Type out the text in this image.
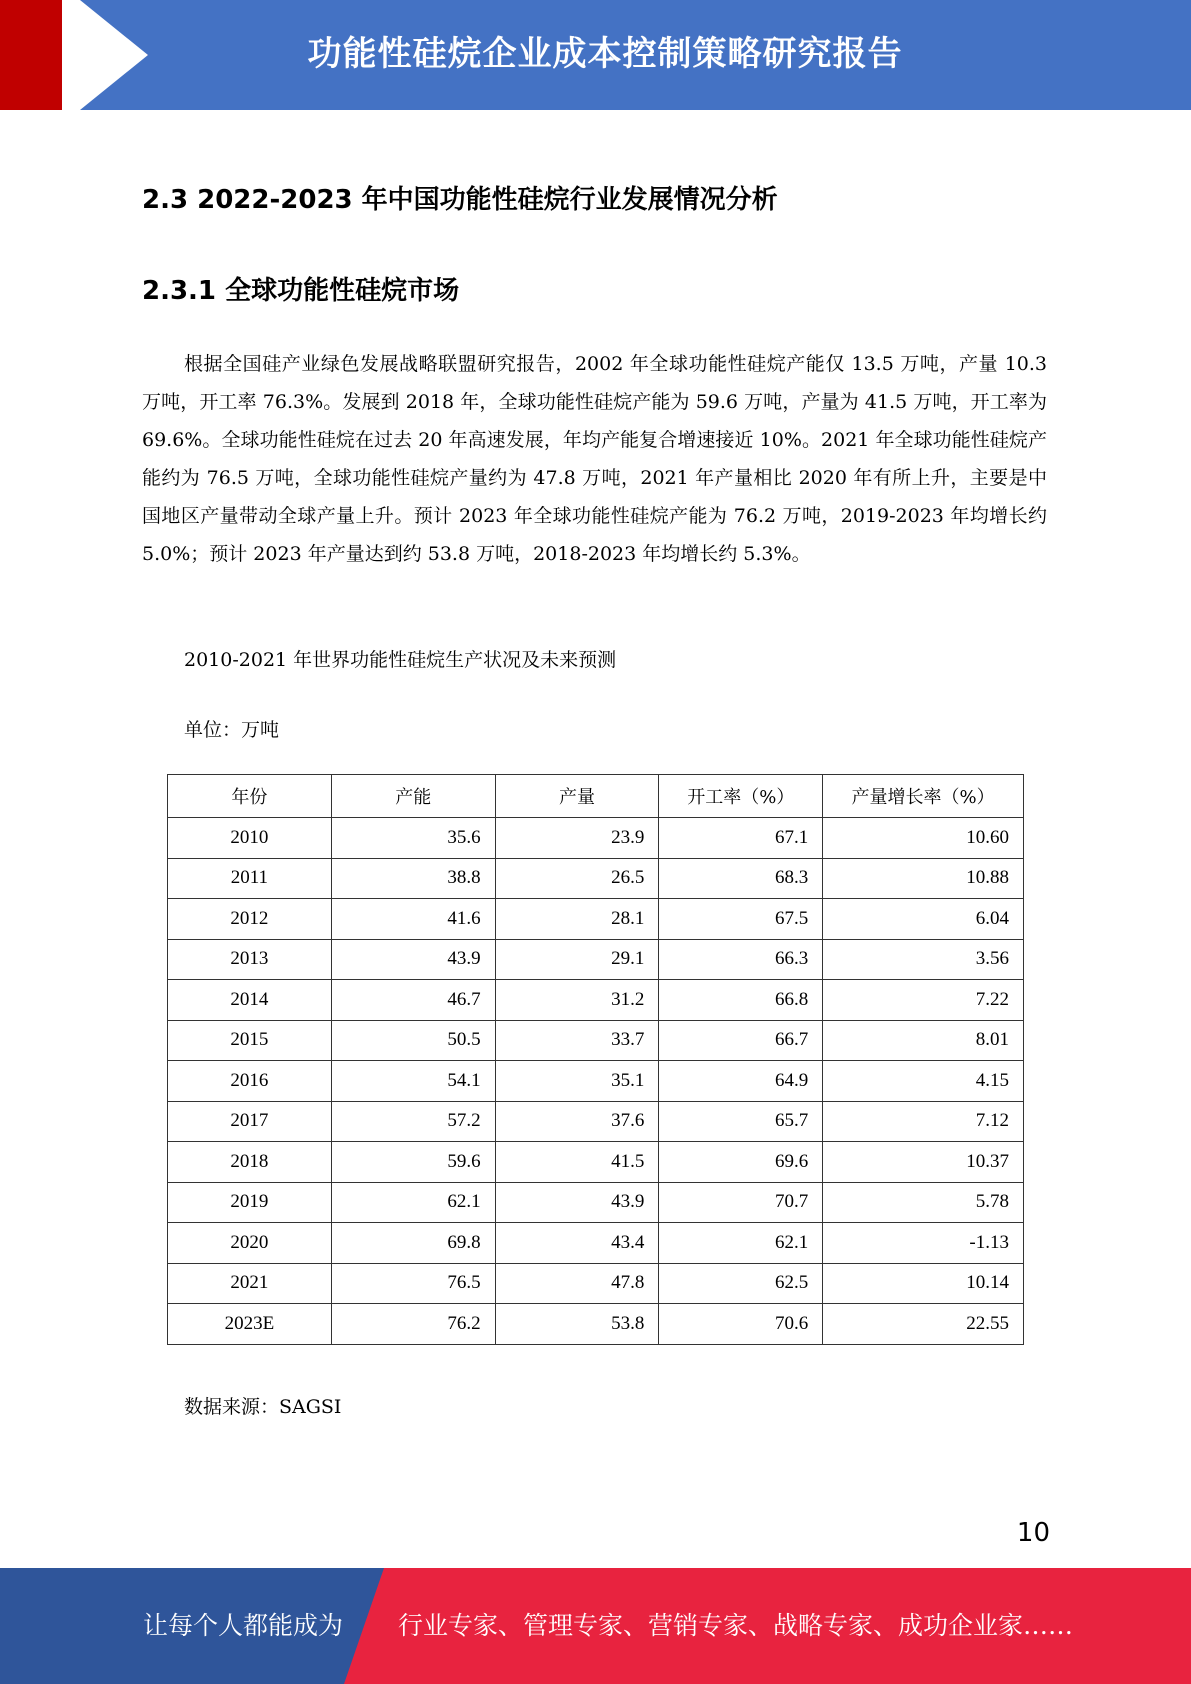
功能性硅烷企业成本控制策略研究报告
2.3 2022-2023 年中国功能性硅烷行业发展情况分析
2.3.1 全球功能性硅烷市场
根据全国硅产业绿色发展战略联盟研究报告，2002 年全球功能性硅烷产能仅 13.5 万吨，产量 10.3 万吨，开工率 76.3%。发展到 2018 年，全球功能性硅烷产能为 59.6 万吨，产量为 41.5 万吨，开工率为 69.6%。全球功能性硅烷在过去 20 年高速发展，年均产能复合增速接近 10%。2021 年全球功能性硅烷产能约为 76.5 万吨，全球功能性硅烷产量约为 47.8 万吨，2021 年产量相比 2020 年有所上升，主要是中国地区产量带动全球产量上升。预计 2023 年全球功能性硅烷产能为 76.2 万吨，2019-2023 年均增长约 5.0%；预计 2023 年产量达到约 53.8 万吨，2018-2023 年均增长约 5.3%。
2010-2021 年世界功能性硅烷生产状况及未来预测
单位：万吨
年份	产能	产量	开工率（%）	产量增长率（%）
2010	35.6	23.9	67.1	10.60
2011	38.8	26.5	68.3	10.88
2012	41.6	28.1	67.5	6.04
2013	43.9	29.1	66.3	3.56
2014	46.7	31.2	66.8	7.22
2015	50.5	33.7	66.7	8.01
2016	54.1	35.1	64.9	4.15
2017	57.2	37.6	65.7	7.12
2018	59.6	41.5	69.6	10.37
2019	62.1	43.9	70.7	5.78
2020	69.8	43.4	62.1	-1.13
2021	76.5	47.8	62.5	10.14
2023E	76.2	53.8	70.6	22.55
数据来源：SAGSI
10
让每个人都能成为 行业专家、管理专家、营销专家、战略专家、成功企业家……
